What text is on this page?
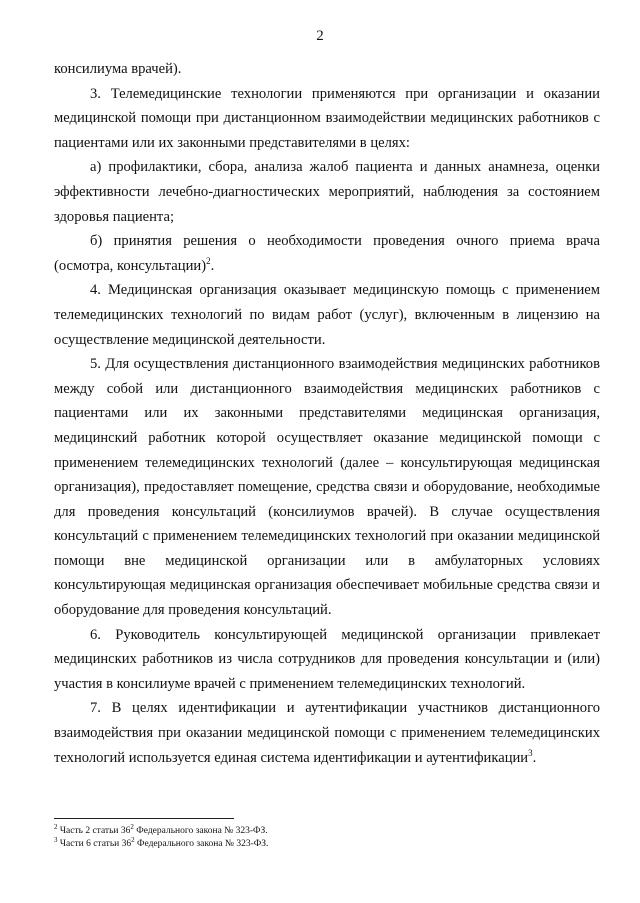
2

консилиума врачей).

3. Телемедицинские технологии применяются при организации и оказании медицинской помощи при дистанционном взаимодействии медицинских работников с пациентами или их законными представителями в целях:

а) профилактики, сбора, анализа жалоб пациента и данных анамнеза, оценки эффективности лечебно-диагностических мероприятий, наблюдения за состоянием здоровья пациента;

б) принятия решения о необходимости проведения очного приема врача (осмотра, консультации)$^2$.

4. Медицинская организация оказывает медицинскую помощь с применением телемедицинских технологий по видам работ (услуг), включенным в лицензию на осуществление медицинской деятельности.

5. Для осуществления дистанционного взаимодействия медицинских работников между собой или дистанционного взаимодействия медицинских работников с пациентами или их законными представителями медицинская организация, медицинский работник которой осуществляет оказание медицинской помощи с применением телемедицинских технологий (далее – консультирующая медицинская организация), предоставляет помещение, средства связи и оборудование, необходимые для проведения консультаций (консилиумов врачей). В случае осуществления консультаций с применением телемедицинских технологий при оказании медицинской помощи вне медицинской организации или в амбулаторных условиях консультирующая медицинская организация обеспечивает мобильные средства связи и оборудование для проведения консультаций.

6. Руководитель консультирующей медицинской организации привлекает медицинских работников из числа сотрудников для проведения консультации и (или) участия в консилиуме врачей с применением телемедицинских технологий.

7. В целях идентификации и аутентификации участников дистанционного взаимодействия при оказании медицинской помощи с применением телемедицинских технологий используется единая система идентификации и аутентификации$^3$.

$^2$ Часть 2 статьи $36^2$ Федерального закона № 323-ФЗ.
$^3$ Части 6 статьи $36^2$ Федерального закона № 323-ФЗ.
